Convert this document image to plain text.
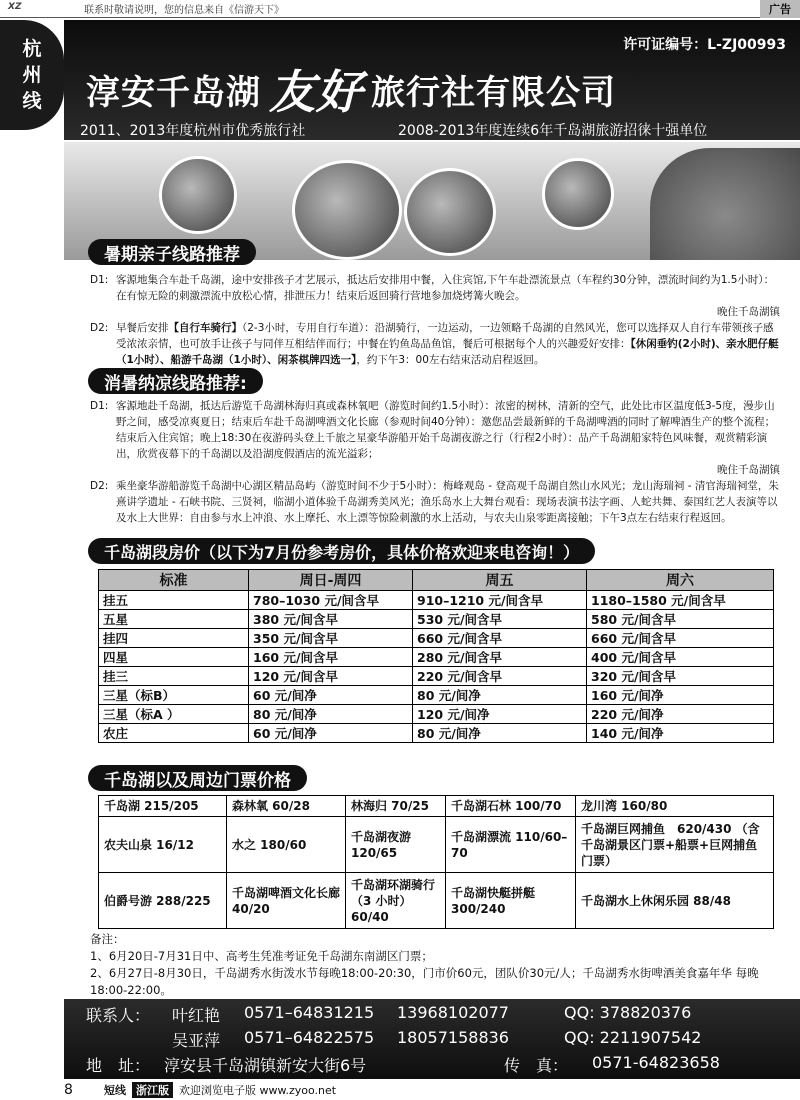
XZ	联系时敬请说明，您的信息来自《信游天下》	广告
杭
州
线
许可证编号：L-ZJ00993
淳安千岛湖 友好 旅行社有限公司
2011、2013年度杭州市优秀旅行社	2008-2013年度连续6年千岛湖旅游招徕十强单位
暑期亲子线路推荐
D1: 客源地集合车赴千岛湖，途中安排孩子才艺展示，抵达后安排用中餐，入住宾馆,下午车赴漂流景点（车程约30分钟，漂流时间约为1.5小时）：在有惊无险的刺激漂流中放松心情，排泄压力！结束后返回骑行营地参加烧烤篝火晚会。
晚住千岛湖镇
D2: 早餐后安排【自行车骑行】（2-3小时，专用自行车道）：沿湖骑行，一边运动，一边领略千岛湖的自然风光，您可以选择双人自行车带领孩子感受浓浓亲情，也可放手让孩子与同伴互相结伴而行；中餐在钓鱼岛品鱼馆，餐后可根据每个人的兴趣爱好安排：【休闲垂钓(2小时)、亲水肥仔艇（1小时）、船游千岛湖（1小时）、闲茶棋牌四选一】，约下午3：00左右结束活动启程返回。
消暑纳凉线路推荐:
D1: 客源地赴千岛湖，抵达后游览千岛湖林海归真或森林氧吧（游览时间约1.5小时）：浓密的树林，清新的空气，此处比市区温度低3-5度，漫步山野之间，感受凉爽夏日；结束后车赴千岛湖啤酒文化长廊（参观时间40分钟）：邀您品尝最新鲜的千岛湖啤酒的同时了解啤酒生产的整个流程；结束后入住宾馆；晚上18:30在夜游码头登上千旅之星豪华游船开始千岛湖夜游之行（行程2小时）：品产千岛湖船家特色风味餐，观赏精彩演出，欣赏夜幕下的千岛湖以及沿湖度假酒店的流光溢彩；
晚住千岛湖镇
D2: 乘坐豪华游船游览千岛湖中心湖区精品岛屿（游览时间不少于5小时）：梅峰观岛 - 登高观千岛湖自然山水风光；龙山海瑞祠 - 清官海瑞祠堂，朱熹讲学遗址 - 石峡书院、三贤祠，临湖小道体验千岛湖秀美风光；渔乐岛水上大舞台观看：现场表演书法字画、人蛇共舞、泰国红艺人表演等以及水上大世界：自由参与水上冲浪、水上摩托、水上漂等惊险刺激的水上活动，与农夫山泉零距离接触；下午3点左右结束行程返回。
千岛湖段房价（以下为7月份参考房价，具体价格欢迎来电咨询！）
标准	周日-周四	周五	周六
挂五	780–1030 元/间含早	910–1210 元/间含早	1180–1580 元/间含早
五星	380 元/间含早	530 元/间含早	580 元/间含早
挂四	350 元/间含早	660 元/间含早	660 元/间含早
四星	160 元/间含早	280 元/间含早	400 元/间含早
挂三	120 元/间含早	220 元/间含早	320 元/间含早
三星（标B）	60 元/间净	80 元/间净	160 元/间净
三星（标A ）	80 元/间净	120 元/间净	220 元/间净
农庄	60 元/间净	80 元/间净	140 元/间净
千岛湖以及周边门票价格
千岛湖 215/205	森林氧 60/28	林海归 70/25	千岛湖石林 100/70	龙川湾 160/80
农夫山泉 16/12	水之 180/60	千岛湖夜游 120/65	千岛湖漂流 110/60–70	千岛湖巨网捕鱼　620/430 （含千岛湖景区门票+船票+巨网捕鱼门票）
伯爵号游 288/225	千岛湖啤酒文化长廊 40/20	千岛湖环湖骑行（3 小时） 60/40	千岛湖快艇拼艇 300/240	千岛湖水上休闲乐园 88/48
备注：
1、6月20日-7月31日中、高考生凭准考证免千岛湖东南湖区门票；
2、6月27日-8月30日，千岛湖秀水街泼水节每晚18:00-20:30，门市价60元，团队价30元/人；千岛湖秀水街啤酒美食嘉年华 每晚18:00-22:00。
联系人： 叶红艳 0571–64831215 13968102077	QQ: 378820376
吴亚萍 0571–64822575 18057158836	QQ: 2211907542
地　址： 淳安县千岛湖镇新安大街6号	传　真： 0571-64823658
8	短线 浙江版 欢迎浏览电子版 www.zyoo.net
